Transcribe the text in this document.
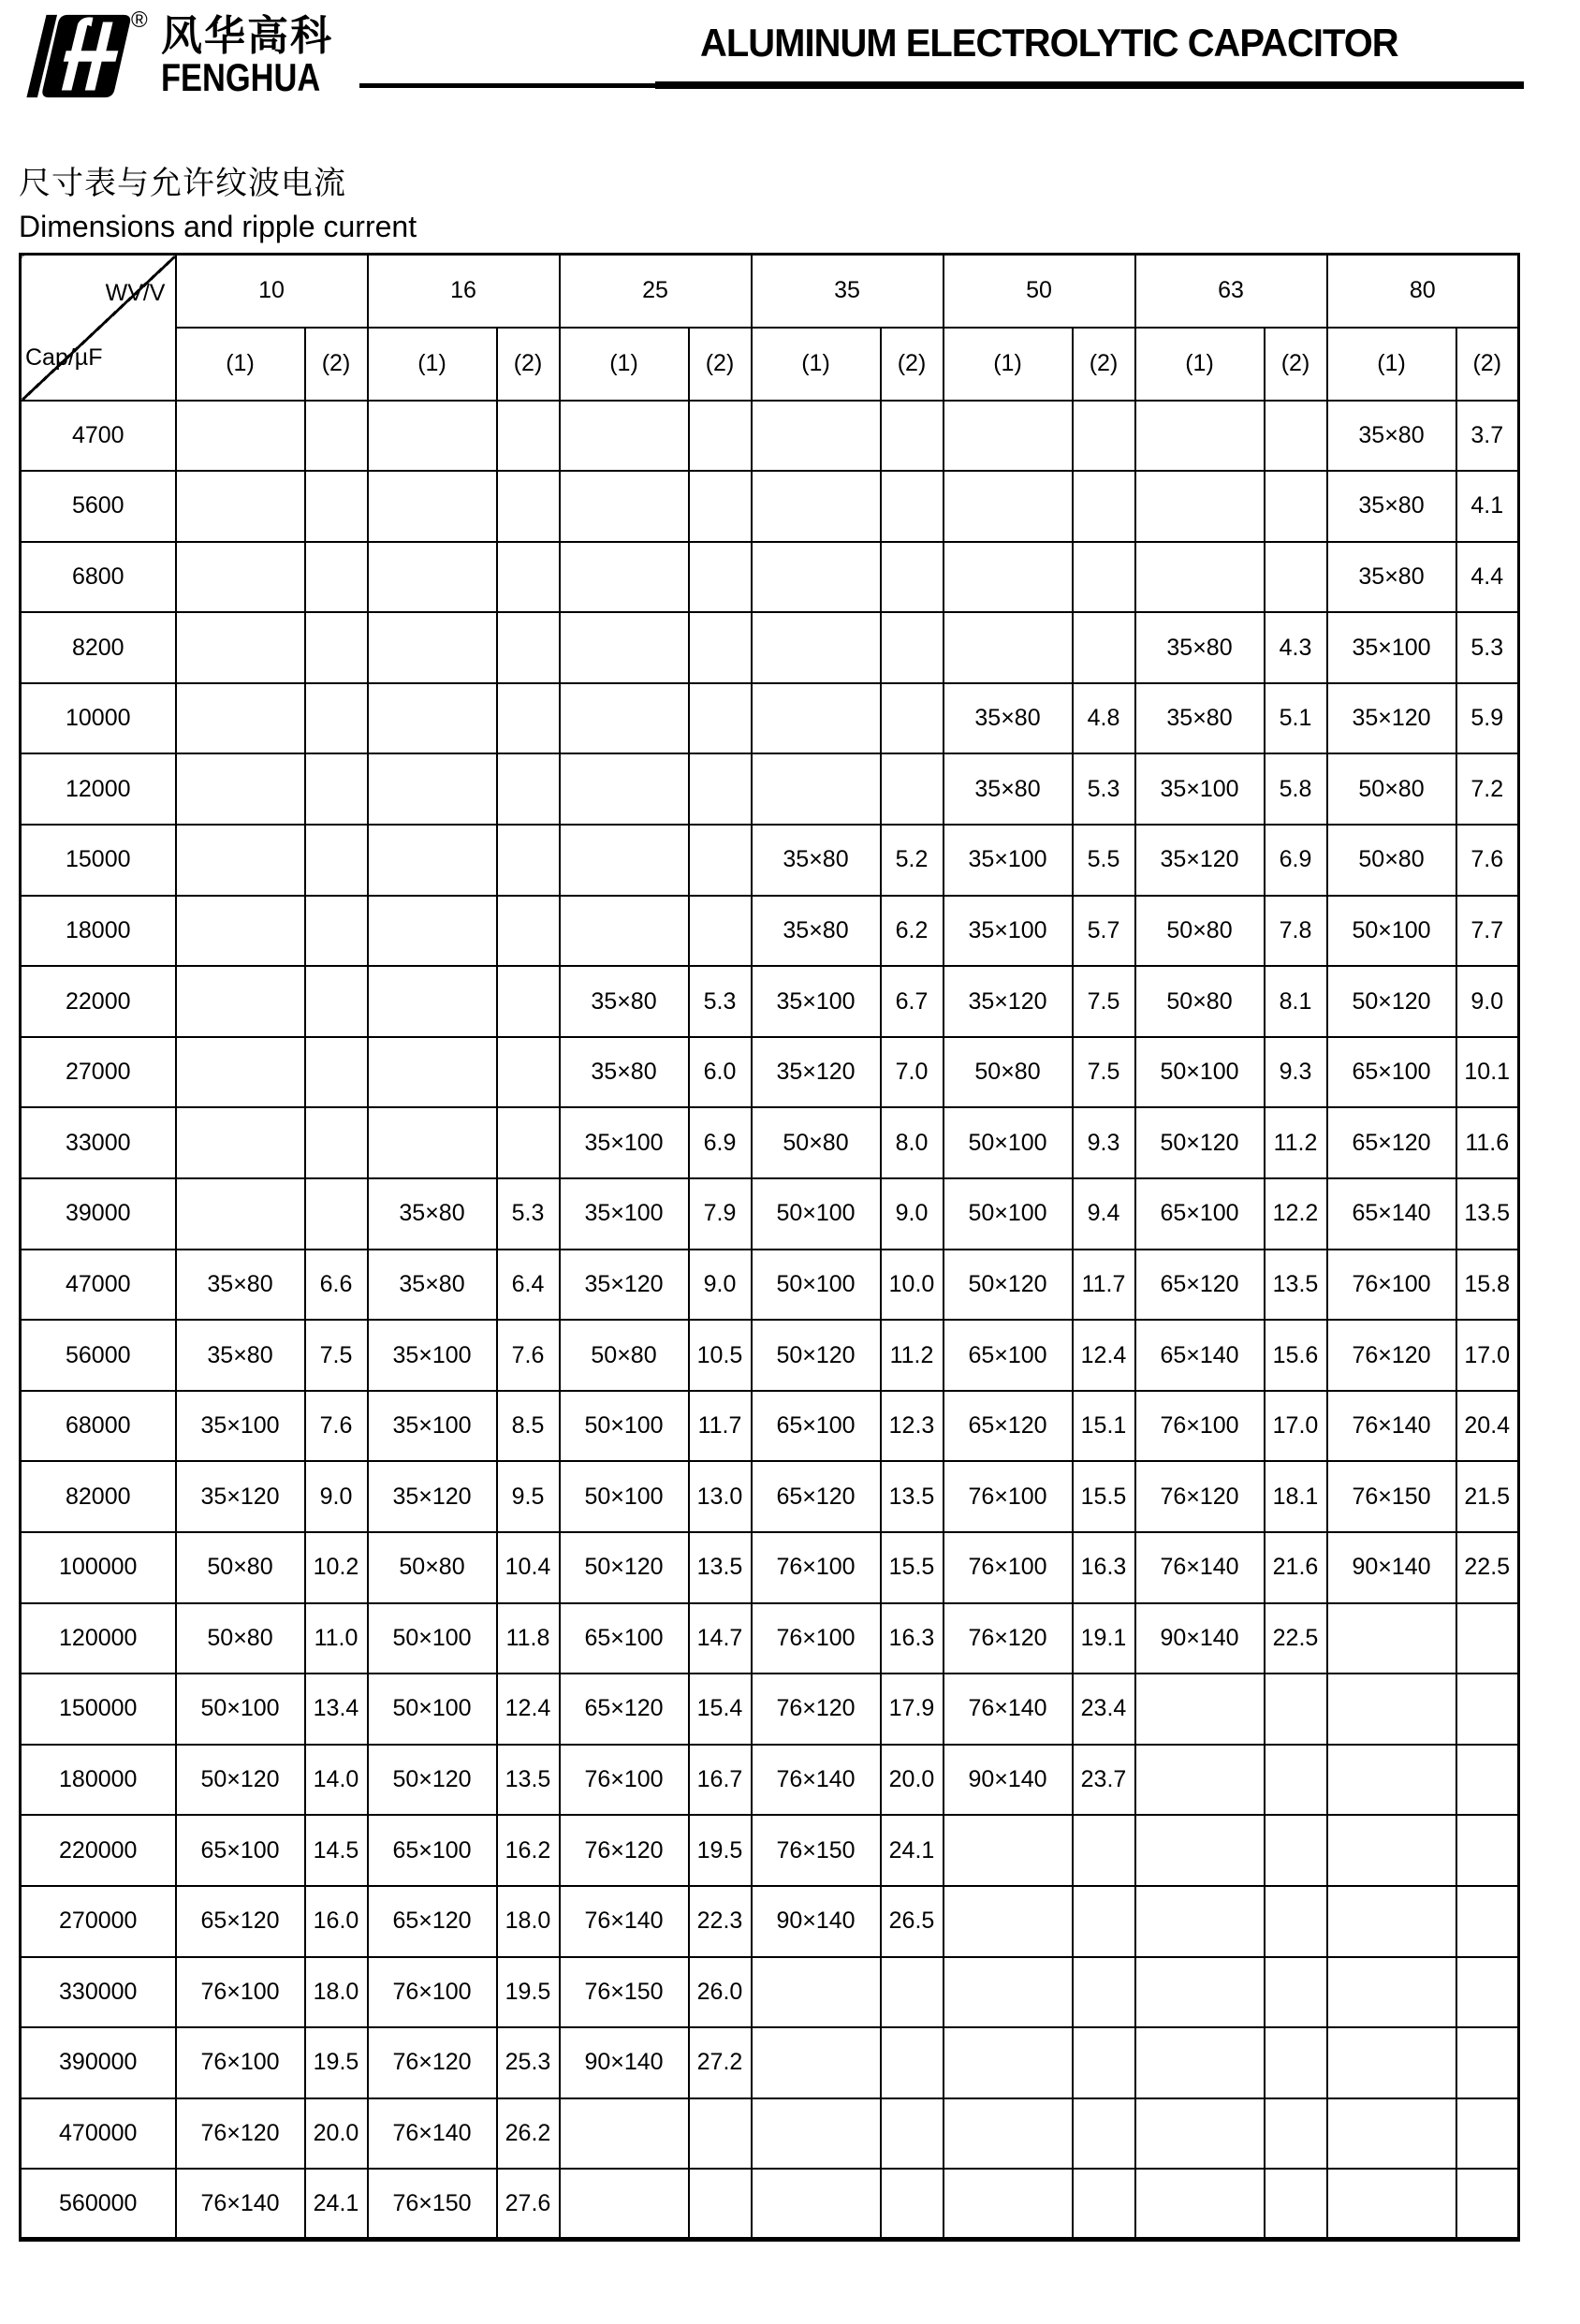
® 风华高科
FENGHUA
ALUMINUM ELECTROLYTIC CAPACITOR
尺寸表与允许纹波电流
Dimensions and ripple current
WV/V
Cap/µF	10		16		25		35		50		63		80	
	(1)	(2)	(1)	(2)	(1)	(2)	(1)	(2)	(1)	(2)	(1)	(2)	(1)	(2)
4700													35×80	3.7
5600													35×80	4.1
6800													35×80	4.4
8200											35×80	4.3	35×100	5.3
10000									35×80	4.8	35×80	5.1	35×120	5.9
12000									35×80	5.3	35×100	5.8	50×80	7.2
15000							35×80	5.2	35×100	5.5	35×120	6.9	50×80	7.6
18000							35×80	6.2	35×100	5.7	50×80	7.8	50×100	7.7
22000					35×80	5.3	35×100	6.7	35×120	7.5	50×80	8.1	50×120	9.0
27000					35×80	6.0	35×120	7.0	50×80	7.5	50×100	9.3	65×100	10.1
33000					35×100	6.9	50×80	8.0	50×100	9.3	50×120	11.2	65×120	11.6
39000			35×80	5.3	35×100	7.9	50×100	9.0	50×100	9.4	65×100	12.2	65×140	13.5
47000	35×80	6.6	35×80	6.4	35×120	9.0	50×100	10.0	50×120	11.7	65×120	13.5	76×100	15.8
56000	35×80	7.5	35×100	7.6	50×80	10.5	50×120	11.2	65×100	12.4	65×140	15.6	76×120	17.0
68000	35×100	7.6	35×100	8.5	50×100	11.7	65×100	12.3	65×120	15.1	76×100	17.0	76×140	20.4
82000	35×120	9.0	35×120	9.5	50×100	13.0	65×120	13.5	76×100	15.5	76×120	18.1	76×150	21.5
100000	50×80	10.2	50×80	10.4	50×120	13.5	76×100	15.5	76×100	16.3	76×140	21.6	90×140	22.5
120000	50×80	11.0	50×100	11.8	65×100	14.7	76×100	16.3	76×120	19.1	90×140	22.5		
150000	50×100	13.4	50×100	12.4	65×120	15.4	76×120	17.9	76×140	23.4				
180000	50×120	14.0	50×120	13.5	76×100	16.7	76×140	20.0	90×140	23.7				
220000	65×100	14.5	65×100	16.2	76×120	19.5	76×150	24.1						
270000	65×120	16.0	65×120	18.0	76×140	22.3	90×140	26.5						
330000	76×100	18.0	76×100	19.5	76×150	26.0								
390000	76×100	19.5	76×120	25.3	90×140	27.2								
470000	76×120	20.0	76×140	26.2										
560000	76×140	24.1	76×150	27.6										
